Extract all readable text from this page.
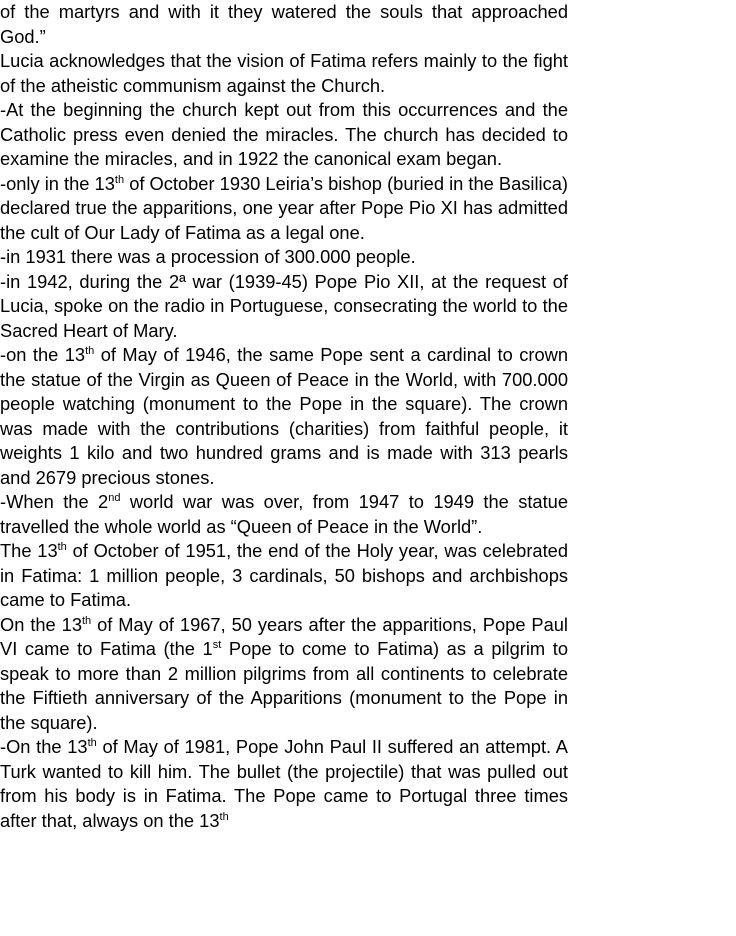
of the martyrs and with it they watered the souls that approached God.”

Lucia acknowledges that the vision of Fatima refers mainly to the fight of the atheistic communism against the Church.

-At the beginning the church kept out from this occurrences and the Catholic press even denied the miracles. The church has decided to examine the miracles, and in 1922 the canonical exam began.

-only in the 13th of October 1930 Leiria’s bishop (buried in the Basilica) declared true the apparitions, one year after Pope Pio XI has admitted the cult of Our Lady of Fatima as a legal one.

-in 1931 there was a procession of 300.000 people.

-in 1942, during the 2ª war (1939-45) Pope Pio XII, at the request of Lucia, spoke on the radio in Portuguese, consecrating the world to the Sacred Heart of Mary.

-on the 13th of May of 1946, the same Pope sent a cardinal to crown the statue of the Virgin as Queen of Peace in the World, with 700.000 people watching (monument to the Pope in the square). The crown was made with the contributions (charities) from faithful people, it weights 1 kilo and two hundred grams and is made with 313 pearls and 2679 precious stones.

-When the 2nd world war was over, from 1947 to 1949 the statue travelled the whole world as “Queen of Peace in the World”.

The 13th of October of 1951, the end of the Holy year, was celebrated in Fatima: 1 million people, 3 cardinals, 50 bishops and archbishops came to Fatima.

On the 13th of May of 1967, 50 years after the apparitions, Pope Paul VI came to Fatima (the 1st Pope to come to Fatima) as a pilgrim to speak to more than 2 million pilgrims from all continents to celebrate the Fiftieth anniversary of the Apparitions (monument to the Pope in the square).

-On the 13th of May of 1981, Pope John Paul II suffered an attempt. A Turk wanted to kill him. The bullet (the projectile) that was pulled out from his body is in Fatima. The Pope came to Portugal three times after that, always on the 13th
